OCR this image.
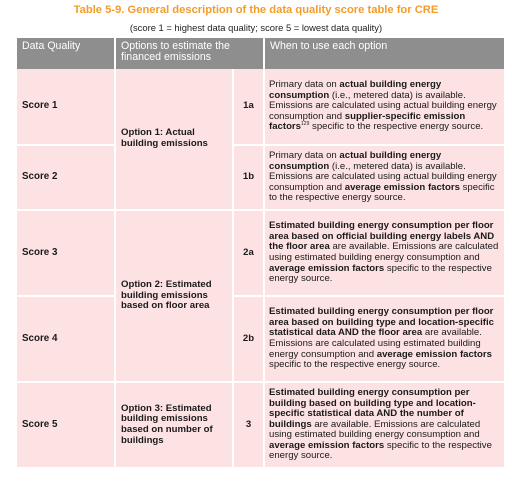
Table 5-9. General description of the data quality score table for CRE
(score 1 = highest data quality; score 5 = lowest data quality)
Data Quality	Options to estimate the financed emissions		When to use each option
Score 1	Option 1: Actual building emissions	1a	Primary data on actual building energy consumption (i.e., metered data) is available. Emissions are calculated using actual building energy consumption and supplier-specific emission factors$^{129}$ specific to the respective energy source.
Score 2		1b	Primary data on actual building energy consumption (i.e., metered data) is available. Emissions are calculated using actual building energy consumption and average emission factors specific to the respective energy source.
Score 3	Option 2: Estimated building emissions based on floor area	2a	Estimated building energy consumption per floor area based on official building energy labels AND the floor area are available. Emissions are calculated using estimated building energy consumption and average emission factors specific to the respective energy source.
Score 4		2b	Estimated building energy consumption per floor area based on building type and location-specific statistical data AND the floor area are available. Emissions are calculated using estimated building energy consumption and average emission factors specific to the respective energy source.
Score 5	Option 3: Estimated building emissions based on number of buildings	3	Estimated building energy consumption per building based on building type and location-specific statistical data AND the number of buildings are available. Emissions are calculated using estimated building energy consumption and average emission factors specific to the respective energy source.
